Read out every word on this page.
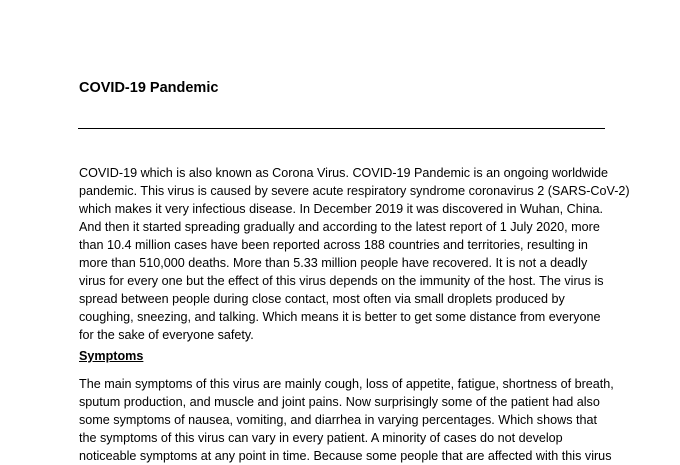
COVID-19 Pandemic
COVID-19 which is also known as Corona Virus. COVID-19 Pandemic is an ongoing worldwide
pandemic. This virus is caused by severe acute respiratory syndrome coronavirus 2 (SARS-CoV-2)
which makes it very infectious disease. In December 2019 it was discovered in Wuhan, China.
And then it started spreading gradually and according to the latest report of 1 July 2020, more
than 10.4 million cases have been reported across 188 countries and territories, resulting in
more than 510,000 deaths. More than 5.33 million people have recovered. It is not a deadly
virus for every one but the effect of this virus depends on the immunity of the host. The virus is
spread between people during close contact, most often via small droplets produced by
coughing, sneezing, and talking. Which means it is better to get some distance from everyone
for the sake of everyone safety.
Symptoms
The main symptoms of this virus are mainly cough, loss of appetite, fatigue, shortness of breath,
sputum production, and muscle and joint pains. Now surprisingly some of the patient had also
some symptoms of nausea, vomiting, and diarrhea in varying percentages. Which shows that
the symptoms of this virus can vary in every patient. A minority of cases do not develop
noticeable symptoms at any point in time. Because some people that are affected with this virus
